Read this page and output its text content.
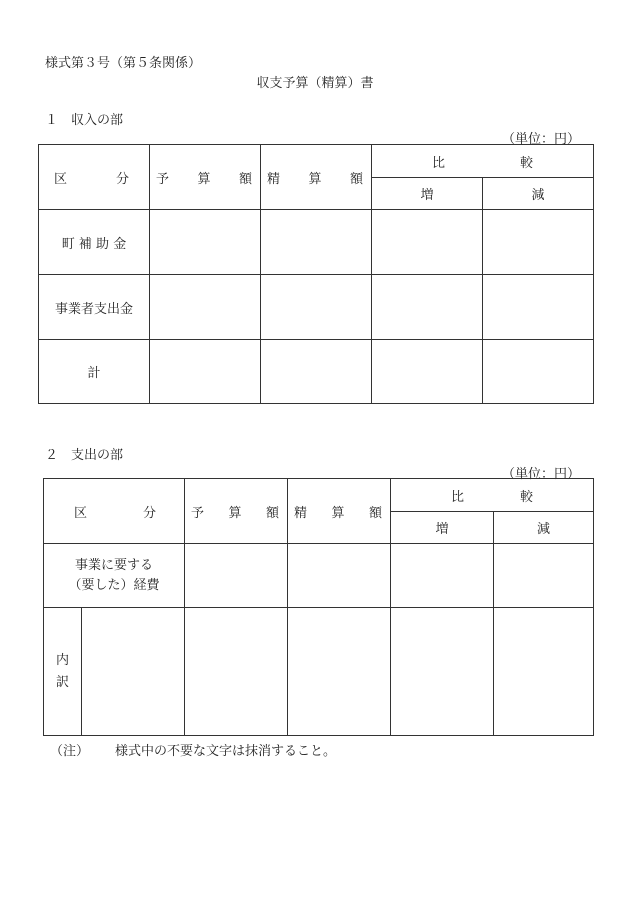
様式第３号（第５条関係）
収支予算（精算）書
１　収入の部
（単位：円）
区 分	予 算 額	精 算 額	比 較	

			増	減
町 補 助 金				
事業者支出金				
計				
２　支出の部
（単位：円）
区 分		予 算 額	精 算 額	比 較	

				増	減

事業に要する
（要した）経費					

内
訳					

（注） 様式中の不要な文字は抹消すること。
